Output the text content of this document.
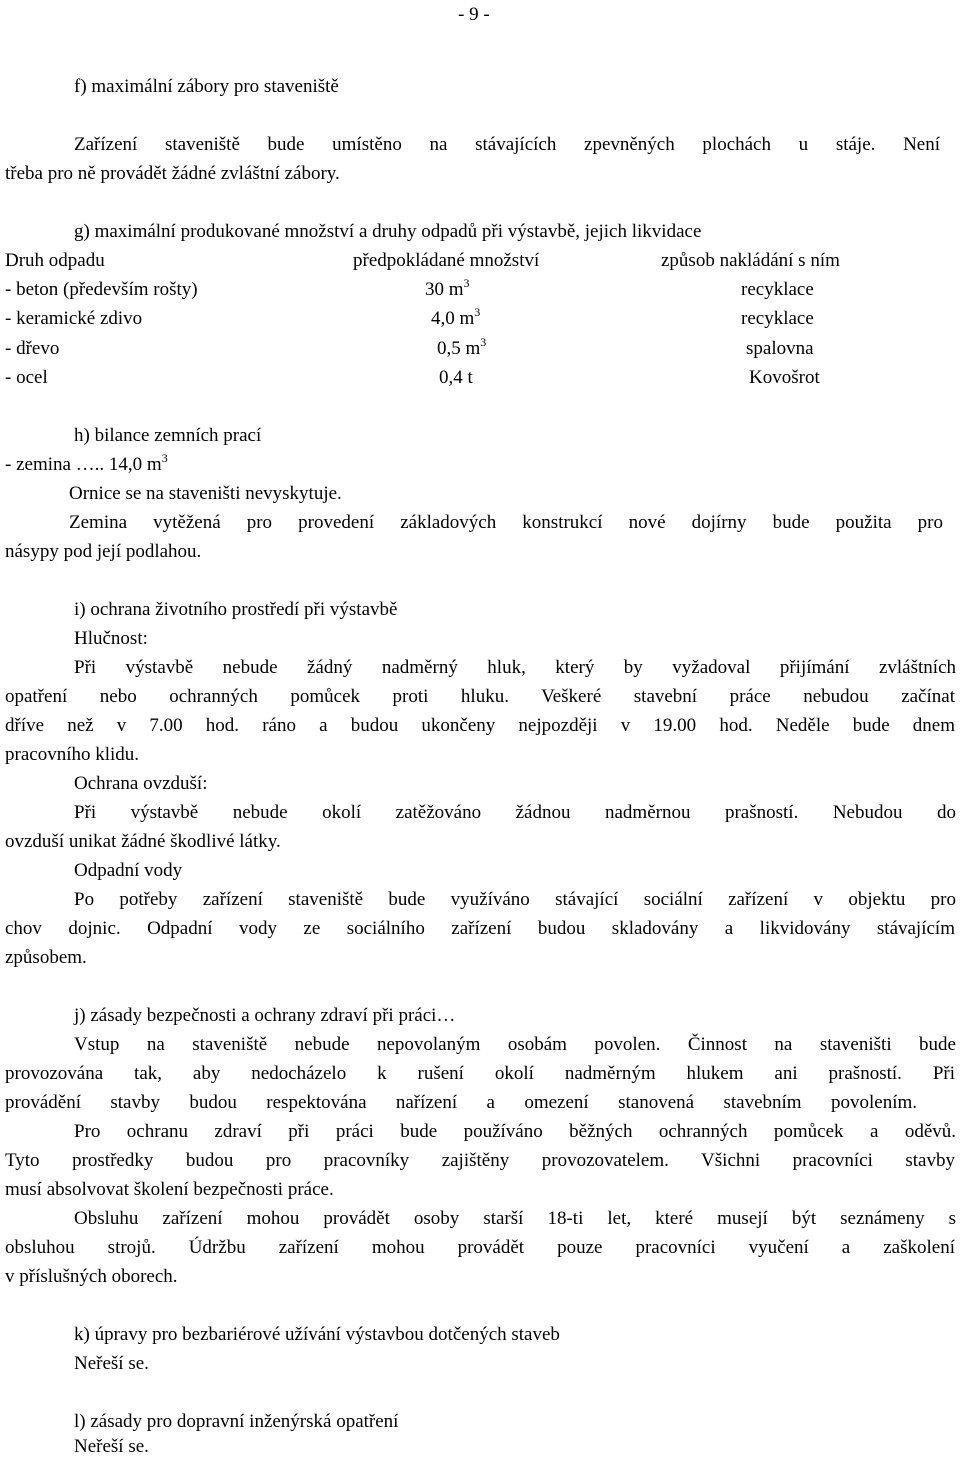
- 9 -
f) maximální zábory pro staveniště
Zařízení staveniště bude umístěno na stávajících zpevněných plochách u stáje. Není
třeba pro ně provádět žádné zvláštní zábory.
g) maximální produkované množství a druhy odpadů při výstavbě, jejich likvidace
Druh odpadu	předpokládané množství	způsob nakládání s ním
- beton (především rošty)	30 $m^3$	recyklace
- keramické zdivo	4,0 $m^3$	recyklace
- dřevo	0,5 $m^3$	spalovna
- ocel	0,4 t	Kovošrot
h) bilance zemních prací
- zemina ….. 14,0 $m^3$
Ornice se na staveništi nevyskytuje.
Zemina vytěžená pro provedení základových konstrukcí nové dojírny bude použita pro
násypy pod její podlahou.
i) ochrana životního prostředí při výstavbě
Hlučnost:
Při výstavbě nebude žádný nadměrný hluk, který by vyžadoval přijímání zvláštních
opatření nebo ochranných pomůcek proti hluku. Veškeré stavební práce nebudou začínat
dříve než v 7.00 hod. ráno a budou ukončeny nejpozději v 19.00 hod. Neděle bude dnem
pracovního klidu.
Ochrana ovzduší:
Při výstavbě nebude okolí zatěžováno žádnou nadměrnou prašností. Nebudou do
ovzduší unikat žádné škodlivé látky.
Odpadní vody
Po potřeby zařízení staveniště bude využíváno stávající sociální zařízení v objektu pro
chov dojnic. Odpadní vody ze sociálního zařízení budou skladovány a likvidovány stávajícím
způsobem.
j) zásady bezpečnosti a ochrany zdraví při práci…
Vstup na staveniště nebude nepovolaným osobám povolen. Činnost na staveništi bude
provozována tak, aby nedocházelo k rušení okolí nadměrným hlukem ani prašností. Při
provádění stavby budou respektována nařízení a omezení stanovená stavebním povolením.
Pro ochranu zdraví při práci bude používáno běžných ochranných pomůcek a oděvů.
Tyto prostředky budou pro pracovníky zajištěny provozovatelem. Všichni pracovníci stavby
musí absolvovat školení bezpečnosti práce.
Obsluhu zařízení mohou provádět osoby starší 18-ti let, které musejí být seznámeny s
obsluhou strojů. Údržbu zařízení mohou provádět pouze pracovníci vyučení a zaškolení
v příslušných oborech.
k) úpravy pro bezbariérové užívání výstavbou dotčených staveb
Neřeší se.
l) zásady pro dopravní inženýrská opatření
Neřeší se.
